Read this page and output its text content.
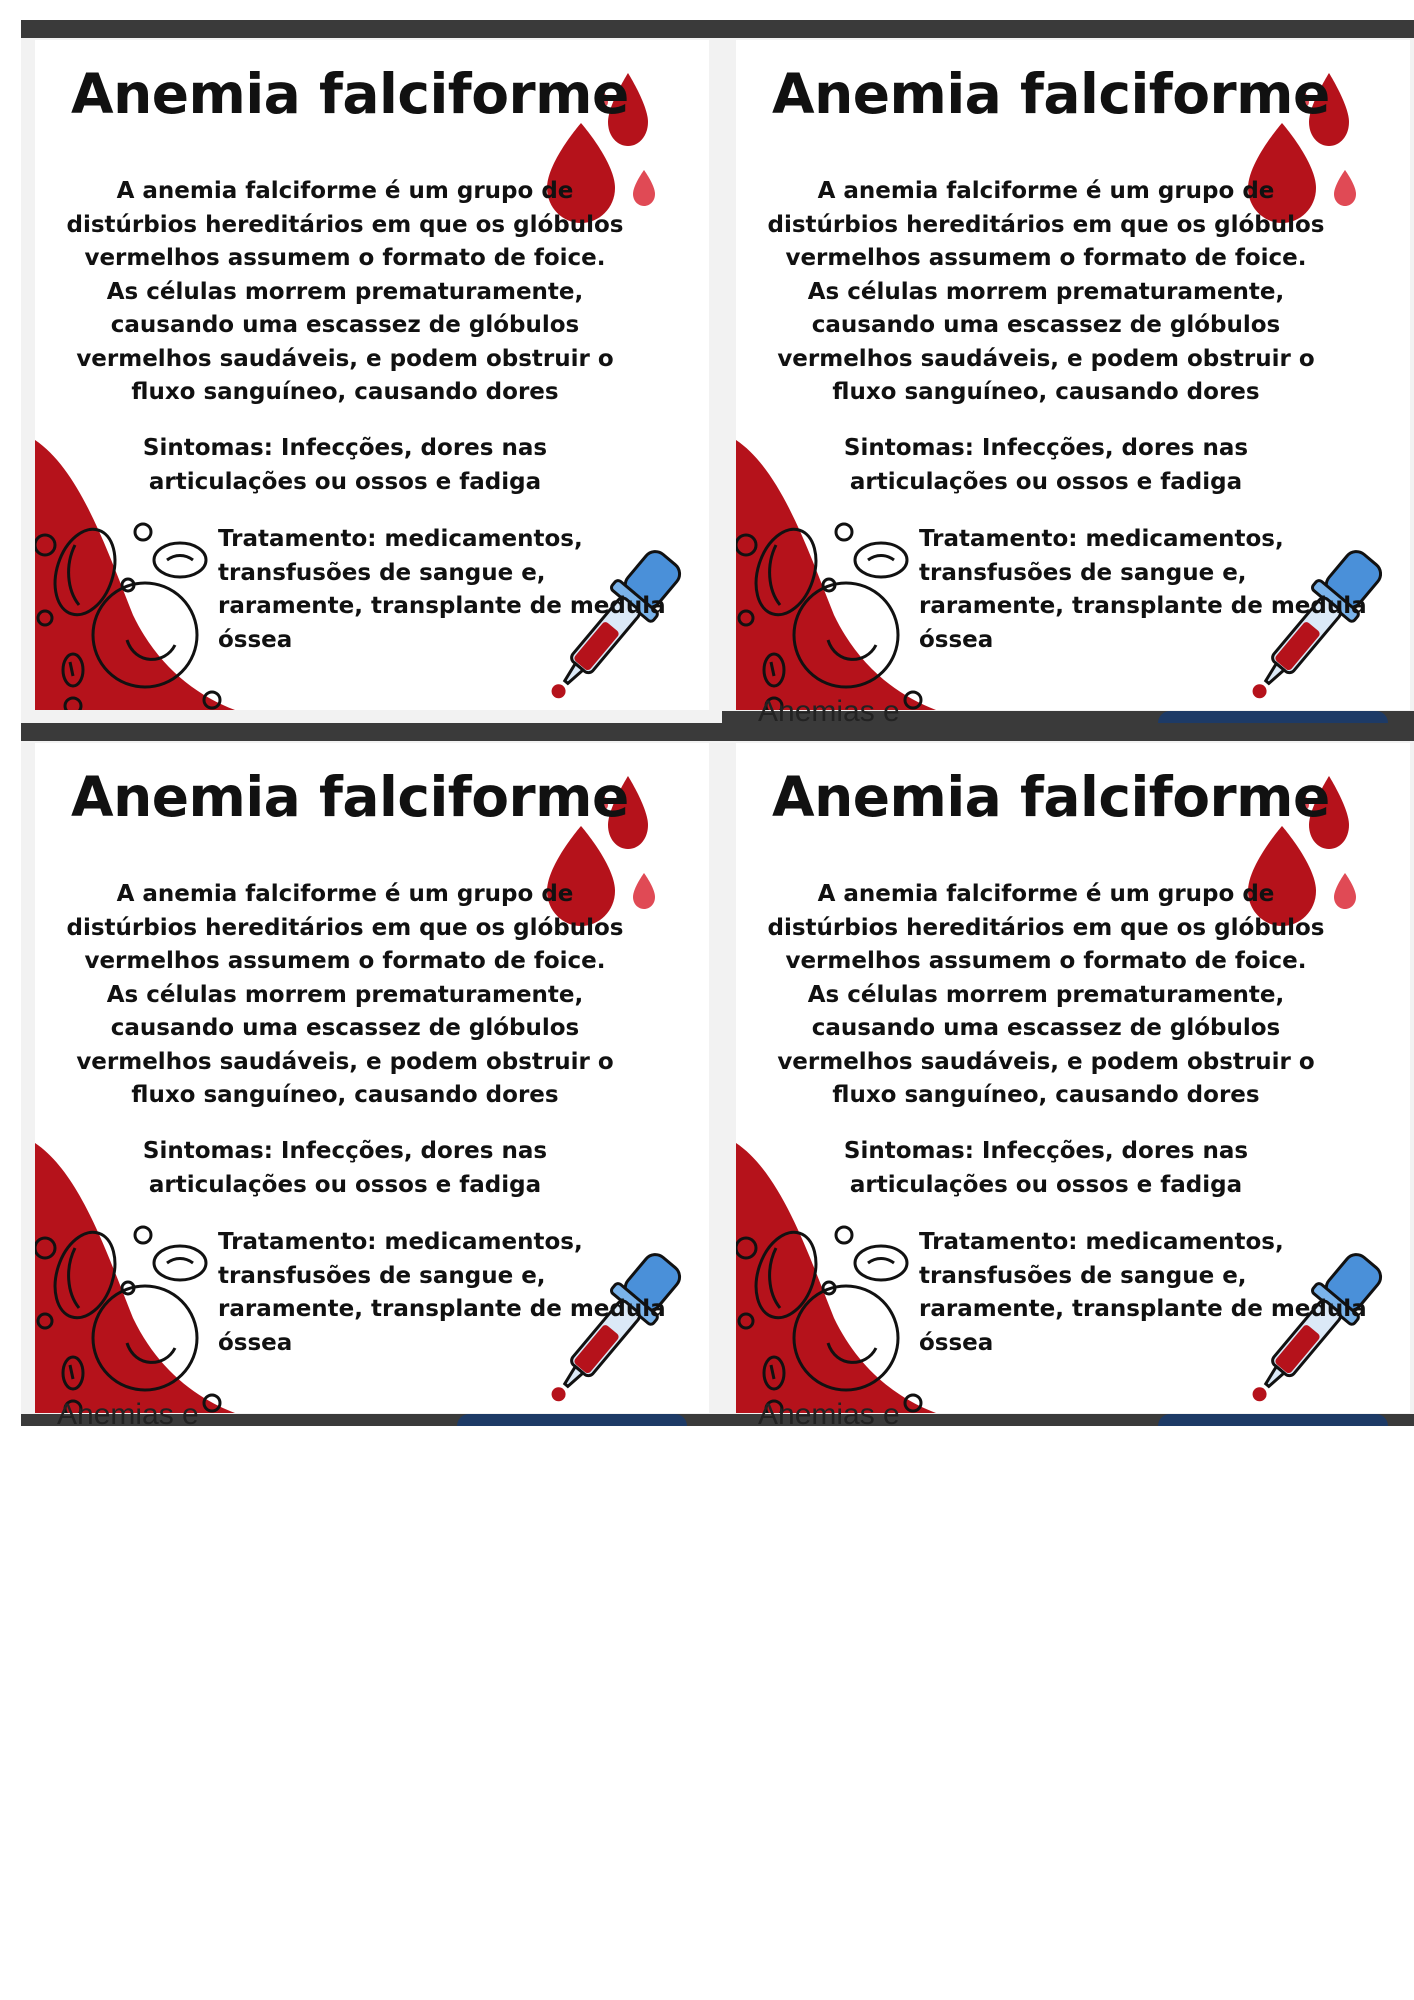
Anemia falciforme

A anemia falciforme é um grupo de distúrbios hereditários em que os glóbulos vermelhos assumem o formato de foice. As células morrem prematuramente, causando uma escassez de glóbulos vermelhos saudáveis, e podem obstruir o fluxo sanguíneo, causando dores

Sintomas: Infecções, dores nas articulações ou ossos e fadiga

Tratamento: medicamentos, transfusões de sangue e, raramente, transplante de medula óssea

Anemia falciforme

A anemia falciforme é um grupo de distúrbios hereditários em que os glóbulos vermelhos assumem o formato de foice. As células morrem prematuramente, causando uma escassez de glóbulos vermelhos saudáveis, e podem obstruir o fluxo sanguíneo, causando dores

Sintomas: Infecções, dores nas articulações ou ossos e fadiga

Tratamento: medicamentos, transfusões de sangue e, raramente, transplante de medula óssea

Anemias e
Anemia falciforme

A anemia falciforme é um grupo de distúrbios hereditários em que os glóbulos vermelhos assumem o formato de foice. As células morrem prematuramente, causando uma escassez de glóbulos vermelhos saudáveis, e podem obstruir o fluxo sanguíneo, causando dores

Sintomas: Infecções, dores nas articulações ou ossos e fadiga

Tratamento: medicamentos, transfusões de sangue e, raramente, transplante de medula óssea

Anemias e
Anemia falciforme

A anemia falciforme é um grupo de distúrbios hereditários em que os glóbulos vermelhos assumem o formato de foice. As células morrem prematuramente, causando uma escassez de glóbulos vermelhos saudáveis, e podem obstruir o fluxo sanguíneo, causando dores

Sintomas: Infecções, dores nas articulações ou ossos e fadiga

Tratamento: medicamentos, transfusões de sangue e, raramente, transplante de medula óssea

Anemias e
